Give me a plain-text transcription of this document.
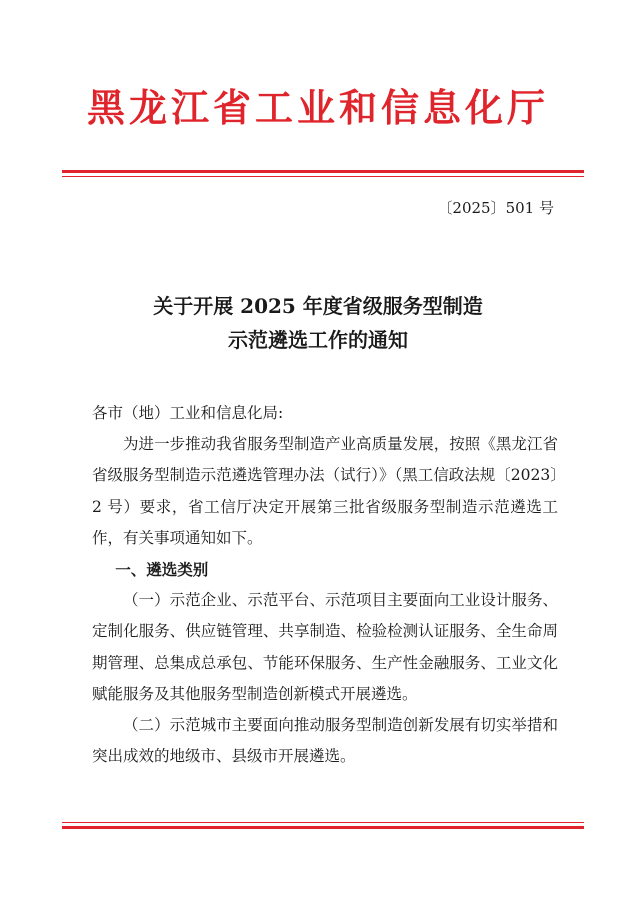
黑龙江省工业和信息化厅
〔2025〕501 号
关于开展 2025 年度省级服务型制造
示范遴选工作的通知

各市（地）工业和信息化局:

为进一步推动我省服务型制造产业高质量发展，按照《黑龙江省省级服务型制造示范遴选管理办法（试行）》（黑工信政法规〔2023〕2 号）要求，省工信厅决定开展第三批省级服务型制造示范遴选工作，有关事项通知如下。

一、遴选类别

（一）示范企业、示范平台、示范项目主要面向工业设计服务、定制化服务、供应链管理、共享制造、检验检测认证服务、全生命周期管理、总集成总承包、节能环保服务、生产性金融服务、工业文化赋能服务及其他服务型制造创新模式开展遴选。

（二）示范城市主要面向推动服务型制造创新发展有切实举措和突出成效的地级市、县级市开展遴选。
